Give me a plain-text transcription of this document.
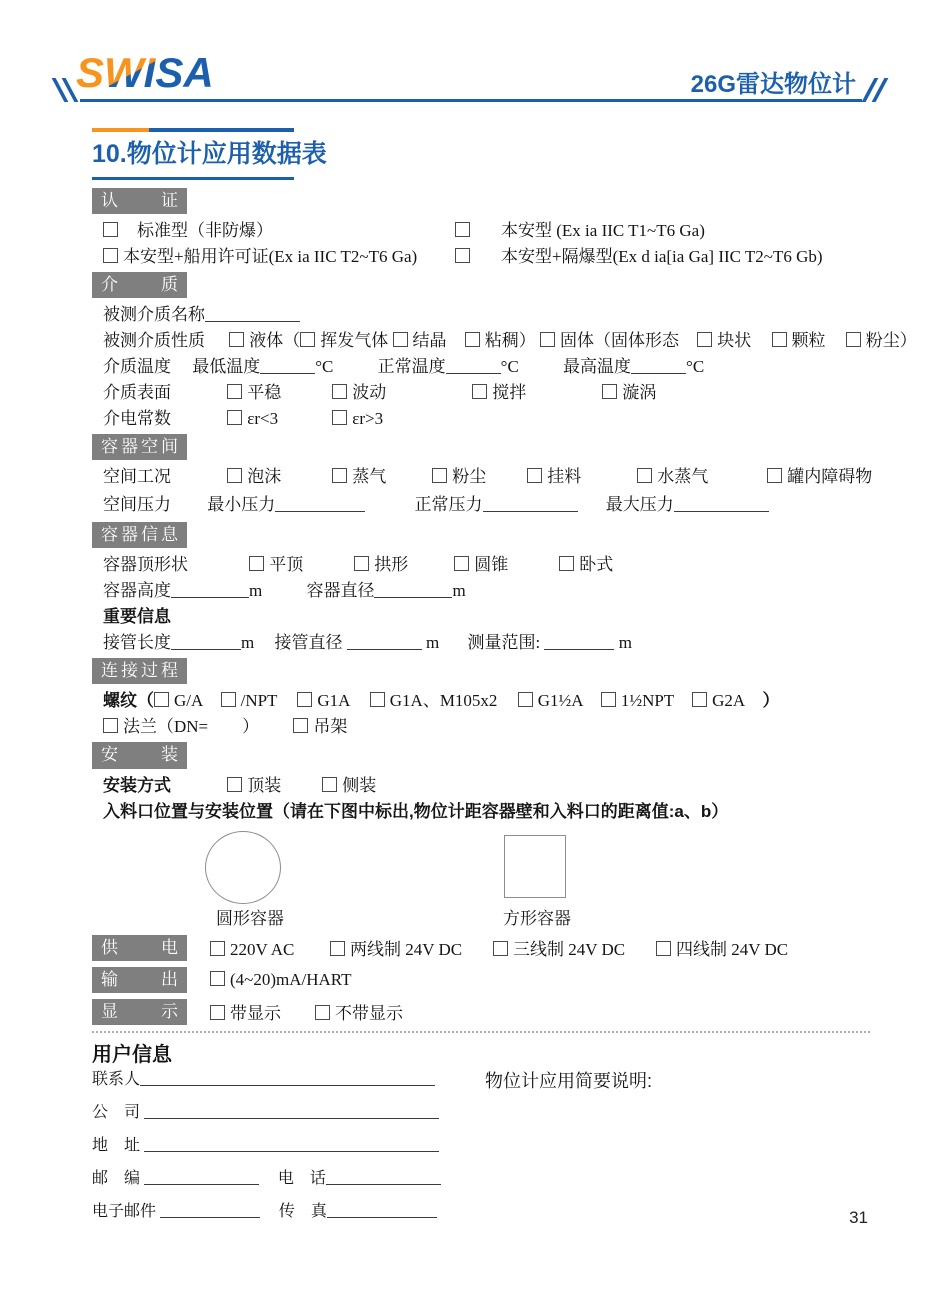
SWISA	26G雷达物位计
10.物位计应用数据表
认证
标准型（非防爆）	本安型 (Ex ia IIC T1~T6 Ga)
本安型+船用许可证(Ex ia IIC T2~T6 Ga)	本安型+隔爆型(Ex d ia[ia Ga] IIC T2~T6 Gb)
介质
被测介质名称
被测介质性质	液体（ 挥发气体 结晶 粘稠） 固体（固体形态 块状 颗粒 粉尘）
介质温度 最低温度	°C	正常温度	°C	最高温度	°C
介质表面	平稳	波动	搅拌	漩涡
介电常数	εr<3	εr>3
容器空间
空间工况	泡沫	蒸气	粉尘	挂料	水蒸气	罐内障碍物
空间压力 最小压力	正常压力	最大压力
容器信息
容器顶形状	平顶	拱形	圆锥	卧式
容器高度	m	容器直径	m
重要信息
接管长度	m 接管直径	m 测量范围:	m
连接过程
螺纹（ G/A /NPT G1A G1A、M105x2 G1½A 1½NPT G2A ）
法兰（DN=　　）	吊架
安装
安装方式	顶装	侧装
入料口位置与安装位置（请在下图中标出,物位计距容器壁和入料口的距离值:a、b）
圆形容器	方形容器
供电	220V AC	两线制 24V DC	三线制 24V DC	四线制 24V DC
输出	(4~20)mA/HART
显示	带显示	不带显示
用户信息
物位计应用简要说明:
联系人
公　司
地　址
邮　编	电　话
电子邮件	传　真	31
